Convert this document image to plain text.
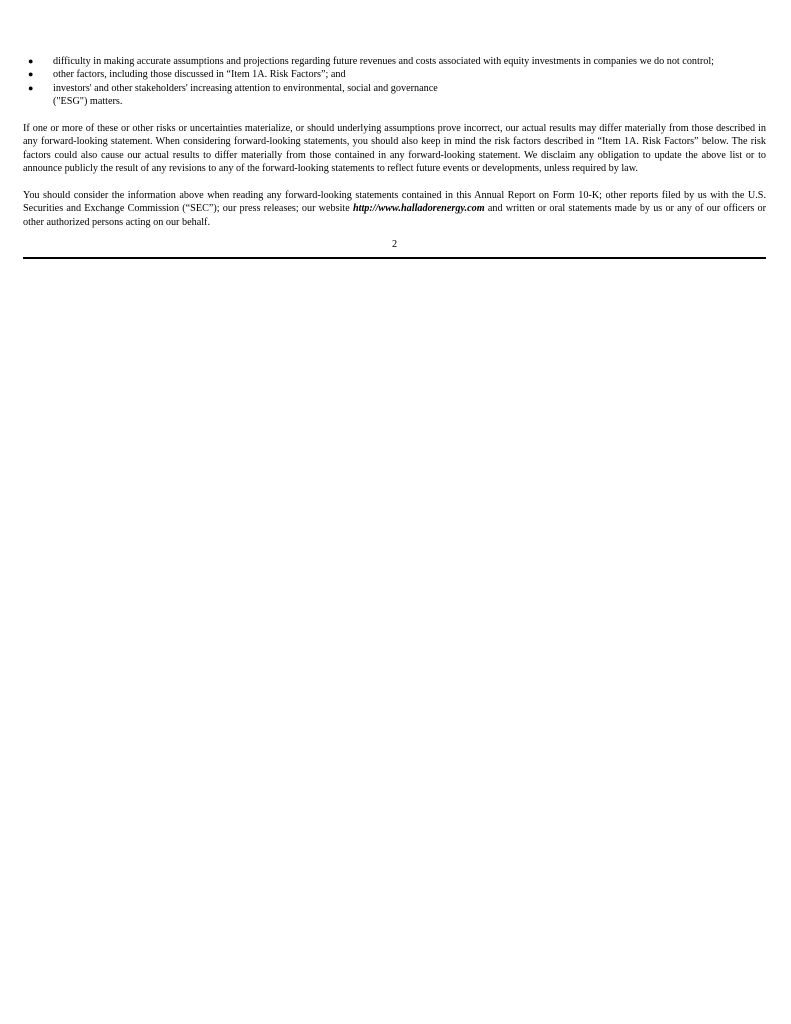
● difficulty in making accurate assumptions and projections regarding future revenues and costs associated with equity investments in companies we do not control;
● other factors, including those discussed in “Item 1A. Risk Factors”; and
● investors' and other stakeholders' increasing attention to environmental, social and governance
("ESG") matters.

If one or more of these or other risks or uncertainties materialize, or should underlying assumptions prove incorrect, our actual results may differ materially from those described in any forward-looking statement. When considering forward-looking statements, you should also keep in mind the risk factors described in “Item 1A. Risk Factors” below. The risk factors could also cause our actual results to differ materially from those contained in any forward-looking statement. We disclaim any obligation to update the above list or to announce publicly the result of any revisions to any of the forward-looking statements to reflect future events or developments, unless required by law.

You should consider the information above when reading any forward-looking statements contained in this Annual Report on Form 10-K; other reports filed by us with the U.S. Securities and Exchange Commission (“SEC”); our press releases; our website http://www.halladorenergy.com and written or oral statements made by us or any of our officers or other authorized persons acting on our behalf.

2
